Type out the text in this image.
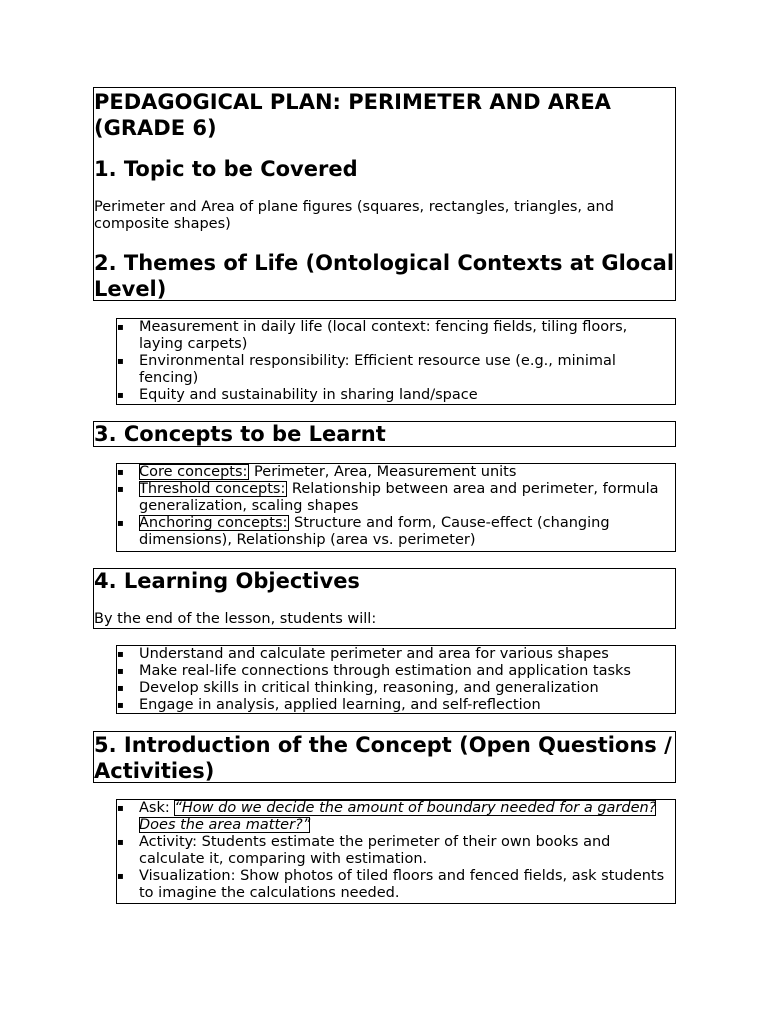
PEDAGOGICAL PLAN: PERIMETER AND AREA (GRADE 6)
1. Topic to be Covered
Perimeter and Area of plane figures (squares, rectangles, triangles, and composite shapes)
2. Themes of Life (Ontological Contexts at Glocal Level)
▪ Measurement in daily life (local context: fencing fields, tiling floors, laying carpets)
▪ Environmental responsibility: Efficient resource use (e.g., minimal fencing)
▪ Equity and sustainability in sharing land/space
3. Concepts to be Learnt
▪ Core concepts: Perimeter, Area, Measurement units
▪ Threshold concepts: Relationship between area and perimeter, formula generalization, scaling shapes
▪ Anchoring concepts: Structure and form, Cause-effect (changing dimensions), Relationship (area vs. perimeter)
4. Learning Objectives
By the end of the lesson, students will:
▪ Understand and calculate perimeter and area for various shapes
▪ Make real-life connections through estimation and application tasks
▪ Develop skills in critical thinking, reasoning, and generalization
▪ Engage in analysis, applied learning, and self-reflection
5. Introduction of the Concept (Open Questions / Activities)
▪ Ask: “How do we decide the amount of boundary needed for a garden? Does the area matter?”
▪ Activity: Students estimate the perimeter of their own books and calculate it, comparing with estimation.
▪ Visualization: Show photos of tiled floors and fenced fields, ask students to imagine the calculations needed.
